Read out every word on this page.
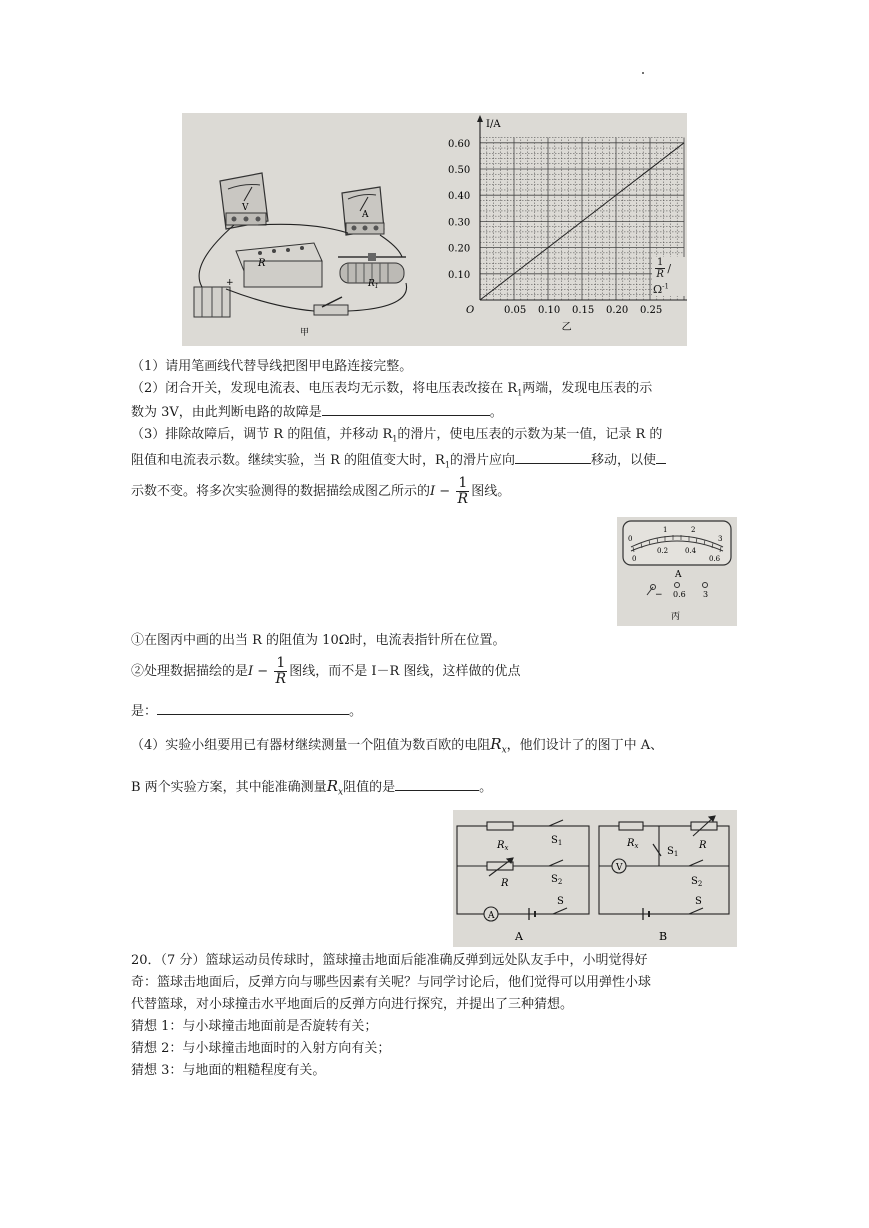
V
A
R
$R_1$
+
甲
0.10
0.20
0.30
0.40
0.50
0.60
0.05 0.10 0.15 0.20 0.25
I/A
O
乙
$\frac{1}{R} /\Omega^{-1}$
（1）请用笔画线代替导线把图甲电路连接完整。
（2）闭合开关，发现电流表、电压表均无示数，将电压表改接在 $R_1$两端，发现电压表的示
数为 3V，由此判断电路的故障是	。
（3）排除故障后，调节 R 的阻值，并移动 $R_1$的滑片，使电压表的示数为某一值，记录 R 的
阻值和电流表示数。继续实验，当 R 的阻值变大时，$R_1$的滑片应向	移动，以使
示数不变。将多次实验测得的数据描绘成图乙所示的$I - \frac{1}{R}$ 图线。
0
1	2
3
0
0.2 0.4
0.6
A
− 0.6 3
丙
①在图丙中画的出当 R 的阻值为 10Ω时，电流表指针所在位置。
②处理数据描绘的是$I - \frac{1}{R}$ 图线，而不是 I－R 图线，这样做的优点
是：	。
（4）实验小组要用已有器材继续测量一个阻值为数百欧的电阻$R_x$，他们设计了的图丁中 A、
B 两个实验方案，其中能准确测量$R_x$阻值的是	。
$R_x$
R
$S_1$
$S_2$
S
A
A
$R_x$	R
$S_1$
$S_2$
S
V
B
20．（7 分）篮球运动员传球时，篮球撞击地面后能准确反弹到远处队友手中，小明觉得好
奇：篮球击地面后，反弹方向与哪些因素有关呢？与同学讨论后，他们觉得可以用弹性小球
代替篮球，对小球撞击水平地面后的反弹方向进行探究，并提出了三种猜想。
猜想 1：与小球撞击地面前是否旋转有关；
猜想 2：与小球撞击地面时的入射方向有关；
猜想 3：与地面的粗糙程度有关。
